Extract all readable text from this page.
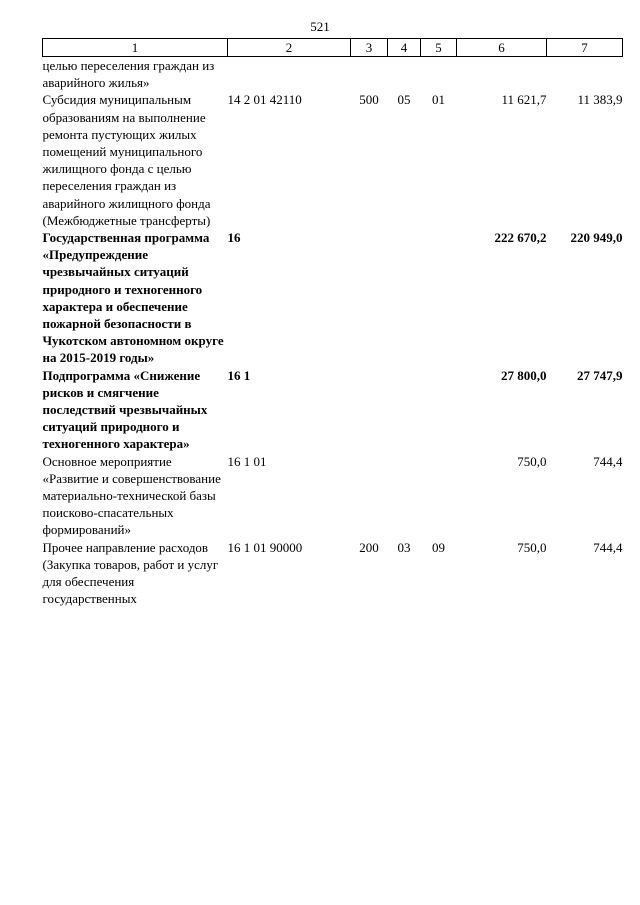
521
1	2	3	4	5	6	7
целью переселения граждан из аварийного жилья»						
Субсидия муниципальным образованиям на выполнение ремонта пустующих жилых помещений муниципального жилищного фонда с целью переселения граждан из аварийного жилищного фонда (Межбюджетные трансферты)	14 2 01 42110	500	05	01	11 621,7	11 383,9
Государственная программа «Предупреждение чрезвычайных ситуаций природного и техногенного характера и обеспечение пожарной безопасности в Чукотском автономном округе на 2015-2019 годы»	16				222 670,2	220 949,0
Подпрограмма «Снижение рисков и смягчение последствий чрезвычайных ситуаций природного и техногенного характера»	16 1				27 800,0	27 747,9
Основное мероприятие «Развитие и совершенствование материально-технической базы поисково-спасательных формирований»	16 1 01				750,0	744,4
Прочее направление расходов (Закупка товаров, работ и услуг для обеспечения государственных	16 1 01 90000	200	03	09	750,0	744,4
